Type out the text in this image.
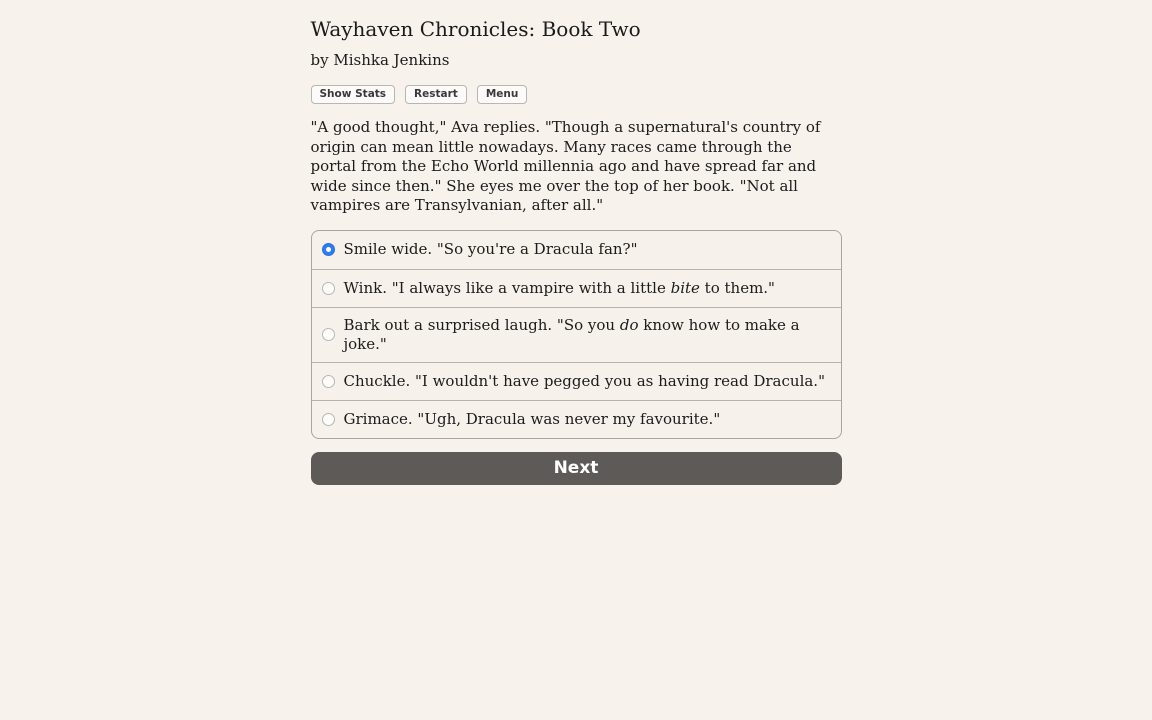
Wayhaven Chronicles: Book Two
by Mishka Jenkins
Show Stats	Restart	Menu

"A good thought," Ava replies. "Though a supernatural's country of origin can mean little nowadays. Many races came through the portal from the Echo World millennia ago and have spread far and wide since then." She eyes me over the top of her book. "Not all vampires are Transylvanian, after all."

Smile wide. "So you're a Dracula fan?"
Wink. "I always like a vampire with a little bite to them."
Bark out a surprised laugh. "So you do know how to make a joke."
Chuckle. "I wouldn't have pegged you as having read Dracula."
Grimace. "Ugh, Dracula was never my favourite."
Next
